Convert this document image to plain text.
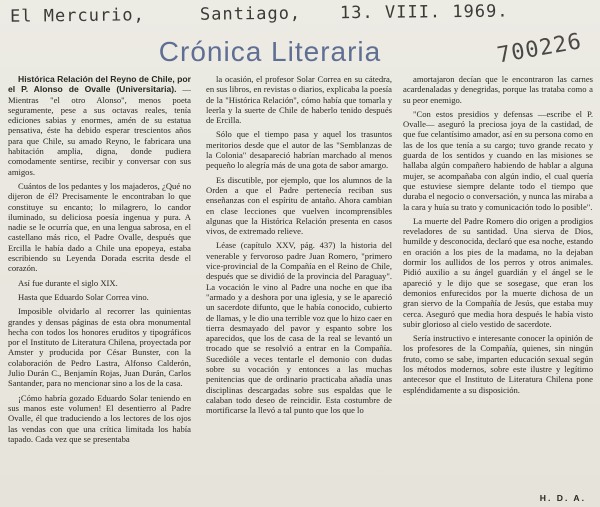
El Mercurio,	Santiago, 13. VIII. 1969.
700226
Crónica Literaria

Histórica Relación del Reyno de Chile, por el P. Alonso de Ovalle (Universitaria). — Mientras "el otro Alonso", menos poeta seguramente, pese a sus octavas reales, tenía ediciones sabias y enormes, amén de su estatua pensativa, éste ha debido esperar trescientos años para que Chile, su amado Reyno, le fabricara una habitación amplia, digna, donde pudiera comodamente sentirse, recibir y conversar con sus amigos.

Cuántos de los pedantes y los majaderos, ¿Qué no dijeron de él? Precisamente le encontraban lo que constituye su encanto; lo milagrero, lo candor iluminado, su deliciosa poesía ingenua y pura. A nadie se le ocurría que, en una lengua sabrosa, en el castellano más rico, el Padre Ovalle, después que Ercilla le había dado a Chile una epopeya, estaba escribiendo su Leyenda Dorada escrita desde el corazón.

Así fue durante el siglo XIX.

Hasta que Eduardo Solar Correa vino.

Imposible olvidarlo al recorrer las quinientas grandes y densas páginas de esta obra monumental hecha con todos los honores eruditos y tipográficos por el Instituto de Literatura Chilena, proyectada por Amster y producida por César Bunster, con la colaboración de Pedro Lastra, Alfonso Calderón, Julio Durán C., Benjamín Rojas, Juan Durán, Carlos Santander, para no mencionar sino a los de la casa.

¡Cómo habría gozado Eduardo Solar teniendo en sus manos este volumen! El desentierro al Padre Ovalle, él que traduciendo a los lectores de los ojos las vendas con que una crítica limitada los había tapado. Cada vez que se presentaba

la ocasión, el profesor Solar Correa en su cátedra, en sus libros, en revistas o diarios, explicaba la poesía de la "Histórica Relación", cómo había que tomarla y leerla y la suerte de Chile de haberlo tenido después de Ercilla.

Sólo que el tiempo pasa y aquel los trasuntos meritorios desde que el autor de las "Semblanzas de la Colonia" desapareció habrían marchado al menos pequeño lo alegría más de una gota de sabor amargo.

Es discutible, por ejemplo, que los alumnos de la Orden a que el Padre pertenecía reciban sus enseñanzas con el espíritu de antaño. Ahora cambian en clase lecciones que vuelven incomprensibles algunas que la Histórica Relación presenta en casos vivos, de extremado relieve.

Léase (capítulo XXV, pág. 437) la historia del venerable y fervoroso padre Juan Romero, "primero vice-provincial de la Compañía en el Reino de Chile, después que se dividió de la provincia del Paraguay". La vocación le vino al Padre una noche en que iba "armado y a deshora por una iglesia, y se le apareció un sacerdote difunto, que le había conocido, cubierto de llamas, y le dio una terrible voz que lo hizo caer en tierra desmayado del pavor y espanto sobre los aparecidos, que los de casa de la real se levantó un trocado que se resolvió a entrar en la Compañía. Sucedióle a veces tentarle el demonio con dudas sobre su vocación y entonces a las muchas penitencias que de ordinario practicaba añadía unas disciplinas descargadas sobre sus espaldas que le calaban todo deseo de reincidir. Esta costumbre de mortificarse la llevó a tal punto que los que lo

amortajaron decían que le encontraron las carnes acardenaladas y denegridas, porque las trataba como a su peor enemigo.

"Con estos presidios y defensas —escribe el P. Ovalle— aseguró la preciosa joya de la castidad, de que fue celantísimo amador, así en su persona como en las de los que tenía a su cargo; tuvo grande recato y guarda de los sentidos y cuando en las misiones se hallaba algún compañero habiendo de hablar a alguna mujer, se acompañaba con algún indio, el cual quería que estuviese siempre delante todo el tiempo que duraba el negocio o conversación, y nunca las miraba a la cara y huía su trato y comunicación todo lo posible".

La muerte del Padre Romero dio origen a prodigios reveladores de su santidad. Una sierva de Dios, humilde y desconocida, declaró que esa noche, estando en oración a los pies de la madama, no la dejaban dormir los aullidos de los perros y otros animales. Pidió auxilio a su ángel guardián y el ángel se le apareció y le dijo que se sosegase, que eran los demonios enfurecidos por la muerte dichosa de un gran siervo de la Compañía de Jesús, que estaba muy cerca. Aseguró que media hora después le había visto subir glorioso al cielo vestido de sacerdote.

Sería instructivo e interesante conocer la opinión de los profesores de la Compañía, quienes, sin ningún fruto, como se sabe, imparten educación sexual según los métodos modernos, sobre este ilustre y legítimo antecesor que el Instituto de Literatura Chilena pone espléndidamente a su disposición.

H. D. A.
